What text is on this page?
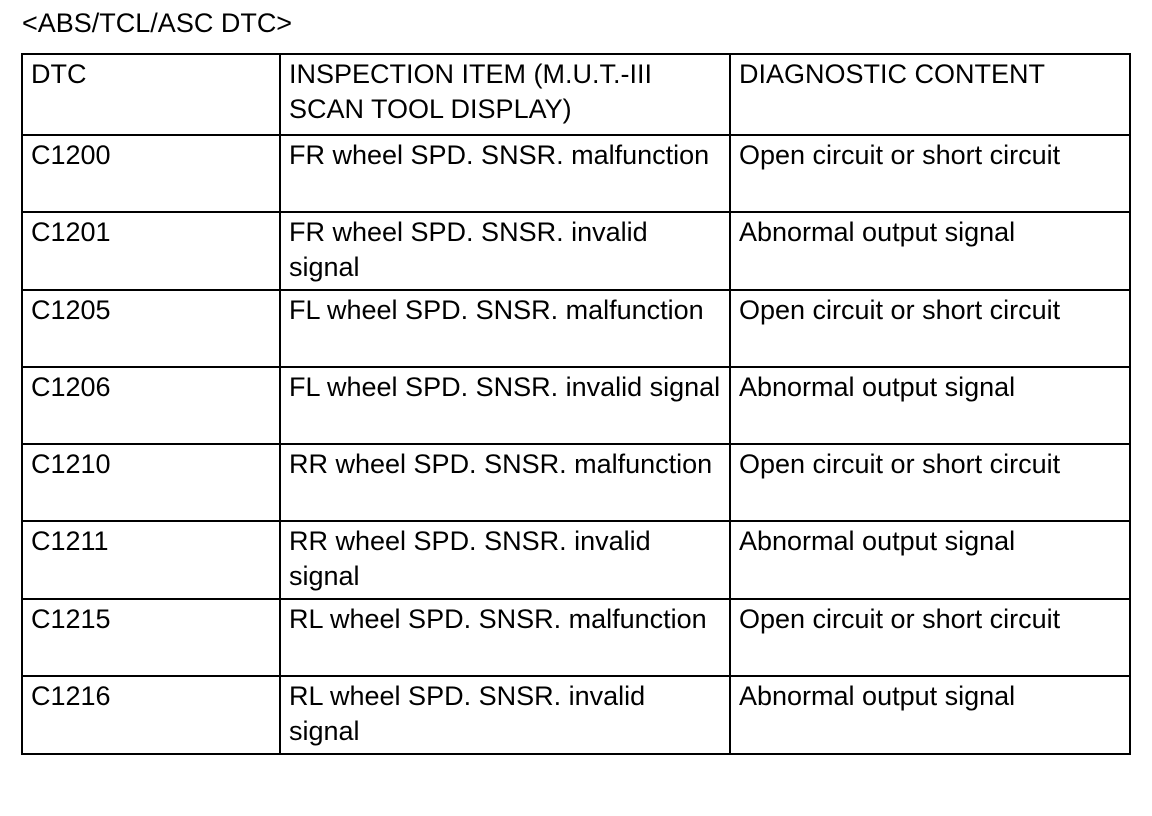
<ABS/TCL/ASC DTC>
DTC	INSPECTION ITEM (M.U.T.-III SCAN TOOL DISPLAY)	DIAGNOSTIC CONTENT
C1200	FR wheel SPD. SNSR. malfunction	Open circuit or short circuit
C1201	FR wheel SPD. SNSR. invalid signal	Abnormal output signal
C1205	FL wheel SPD. SNSR. malfunction	Open circuit or short circuit
C1206	FL wheel SPD. SNSR. invalid signal	Abnormal output signal
C1210	RR wheel SPD. SNSR. malfunction	Open circuit or short circuit
C1211	RR wheel SPD. SNSR. invalid signal	Abnormal output signal
C1215	RL wheel SPD. SNSR. malfunction	Open circuit or short circuit
C1216	RL wheel SPD. SNSR. invalid signal	Abnormal output signal
